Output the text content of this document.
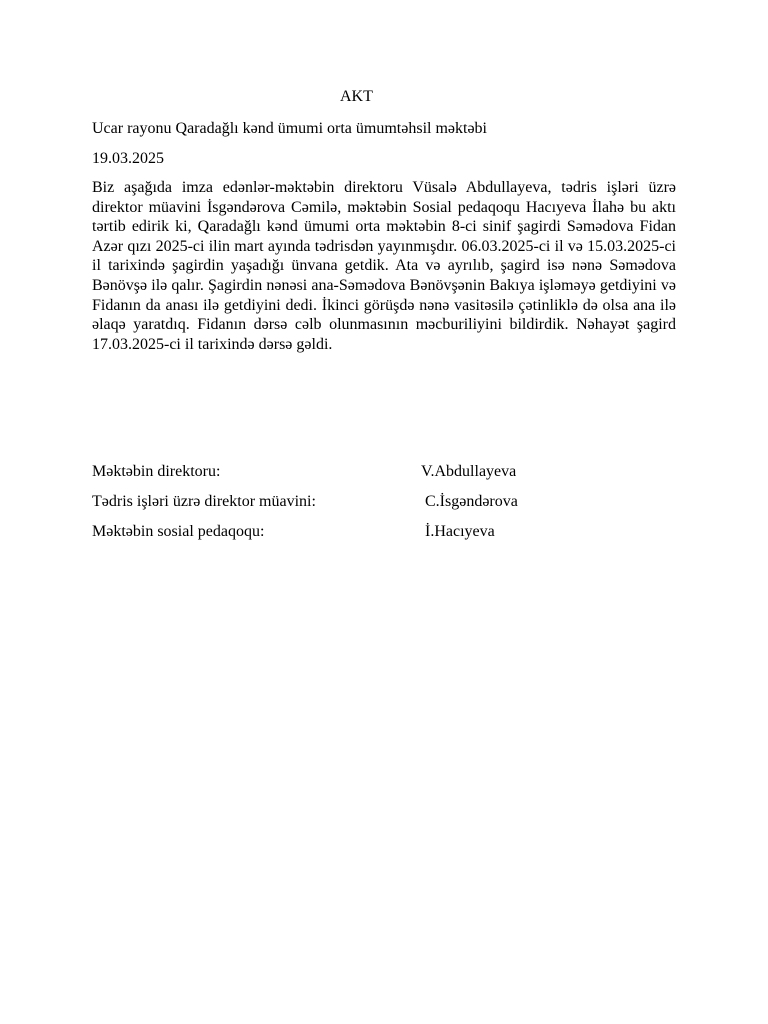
AKT
Ucar rayonu Qaradağlı kənd ümumi orta ümumtəhsil məktəbi
19.03.2025

Biz aşağıda imza edənlər-məktəbin direktoru Vüsalə Abdullayeva, tədris işləri üzrə direktor müavini İsgəndərova Cəmilə, məktəbin Sosial pedaqoqu Hacıyeva İlahə bu aktı tərtib edirik ki, Qaradağlı kənd ümumi orta məktəbin 8-ci sinif şagirdi Səmədova Fidan Azər qızı 2025-ci ilin mart ayında tədrisdən yayınmışdır. 06.03.2025-ci il və 15.03.2025-ci il tarixində şagirdin yaşadığı ünvana getdik. Ata və ayrılıb, şagird isə nənə Səmədova Bənövşə ilə qalır. Şagirdin nənəsi ana-Səmədova Bənövşənin Bakıya işləməyə getdiyini və Fidanın da anası ilə getdiyini dedi. İkinci görüşdə nənə vasitəsilə çətinliklə də olsa ana ilə əlaqə yaratdıq. Fidanın dərsə cəlb olunmasının məcburiliyini bildirdik. Nəhayət şagird 17.03.2025-ci il tarixində dərsə gəldi.

Məktəbin direktoru:	V.Abdullayeva
Tədris işləri üzrə direktor müavini:	C.İsgəndərova
Məktəbin sosial pedaqoqu:	İ.Hacıyeva
